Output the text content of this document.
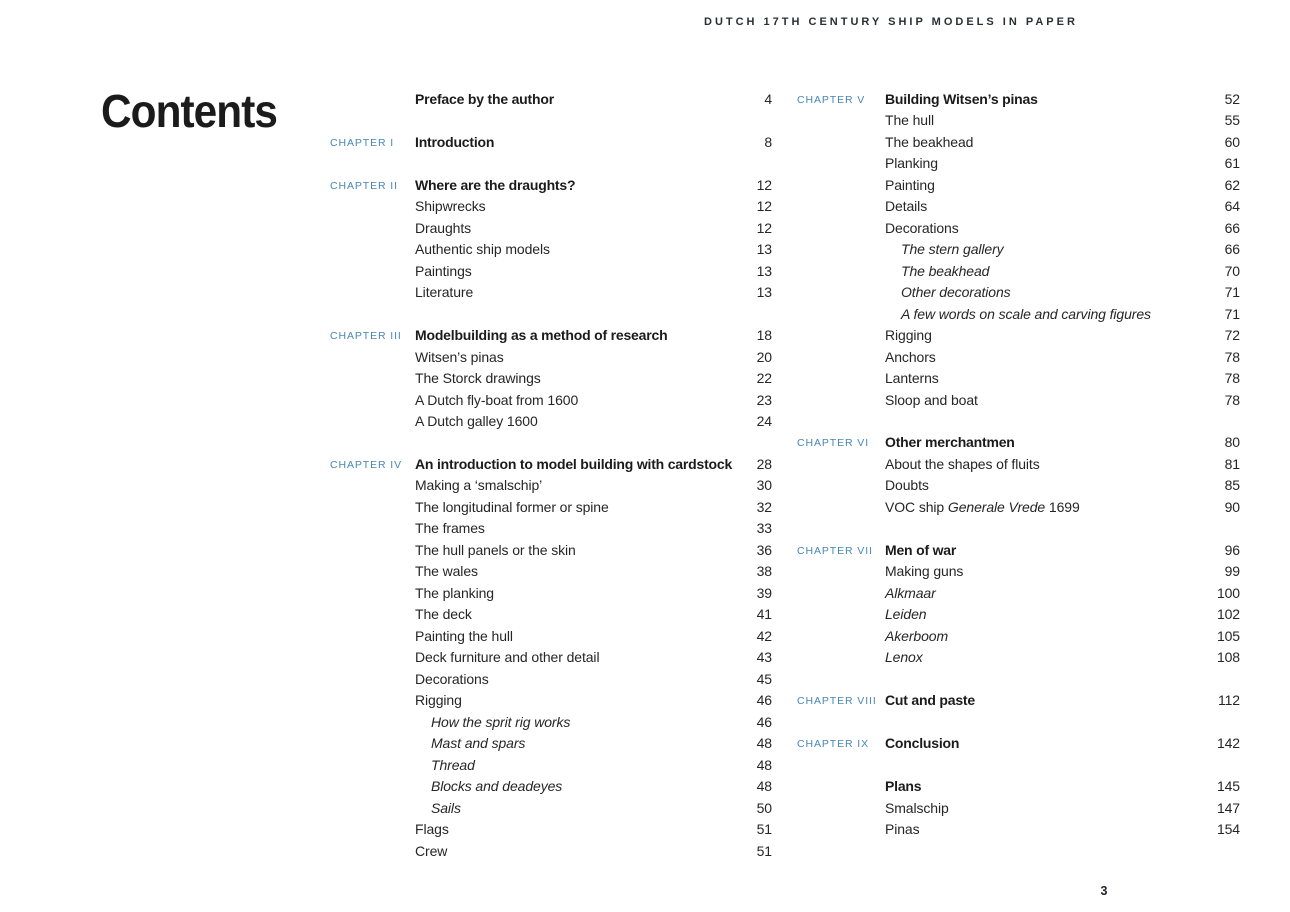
DUTCH 17TH CENTURY SHIP MODELS IN PAPER
Contents	Preface by the author	4
CHAPTER I	Introduction	8
CHAPTER II	Where are the draughts?	12
Shipwrecks	12
Draughts	12
Authentic ship models	13
Paintings	13
Literature	13
CHAPTER III Modelbuilding as a method of research	18
Witsen’s pinas	20
The Storck drawings	22
A Dutch fly-boat from 1600	23
A Dutch galley 1600	24
CHAPTER IV An introduction to model building with cardstock	28
Making a ‘smalschip’	30
The longitudinal former or spine	32
The frames	33
The hull panels or the skin	36
The wales	38
The planking	39
The deck	41
Painting the hull	42
Deck furniture and other detail	43
Decorations	45
Rigging	46
How the sprit rig works	46
Mast and spars	48
Thread	48
Blocks and deadeyes	48
Sails	50
Flags	51
Crew	51
CHAPTER V	Building Witsen’s pinas	52
The hull	55
The beakhead	60
Planking	61
Painting	62
Details	64
Decorations	66
The stern gallery	66
The beakhead	70
Other decorations	71
A few words on scale and carving figures	71
Rigging	72
Anchors	78
Lanterns	78
Sloop and boat	78
CHAPTER VI	Other merchantmen	80
About the shapes of fluits	81
Doubts	85
VOC ship Generale Vrede 1699	90
CHAPTER VII Men of war	96
Making guns	99
Alkmaar	100
Leiden	102
Akerboom	105
Lenox	108
CHAPTER VIII Cut and paste	112
CHAPTER IX	Conclusion	142
Plans	145
Smalschip	147
Pinas	154
3
